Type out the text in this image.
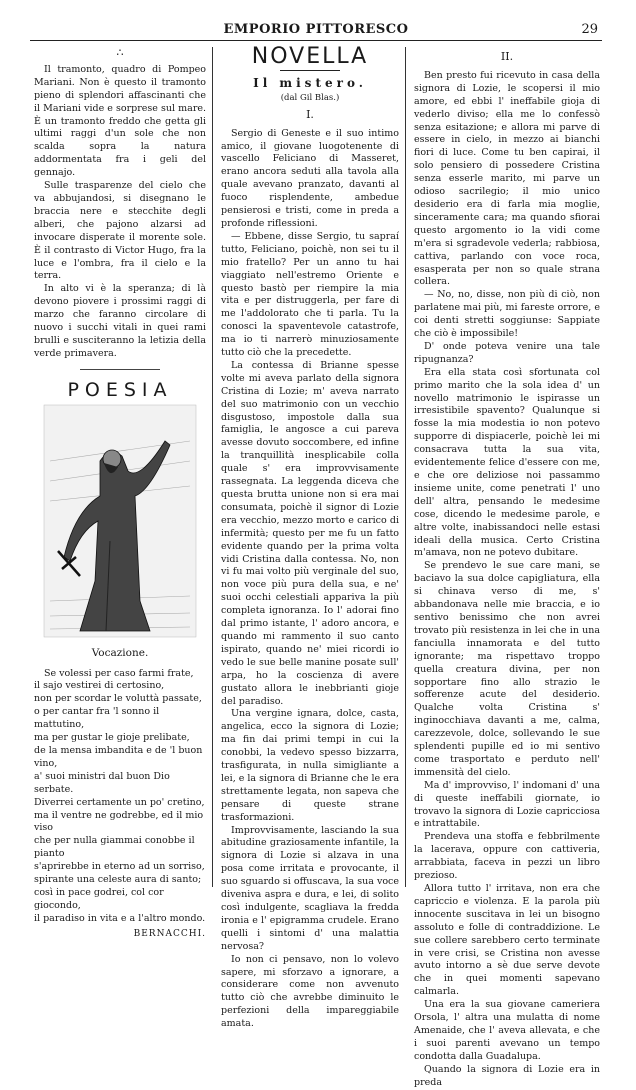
EMPORIO PITTORESCO	29
∴

Il tramonto, quadro di Pompeo Mariani. Non è questo il tramonto pieno di splendori affascinanti che il Mariani vide e sorprese sul mare. È un tramonto freddo che getta gli ultimi raggi d'un sole che non scalda sopra la natura addormentata fra i geli del gennajo.

Sulle trasparenze del cielo che va abbujandosi, si disegnano le braccia nere e stecchite degli alberi, che pajono alzarsi ad invocare disperate il morente sole. È il contrasto di Victor Hugo, fra la luce e l'ombra, fra il cielo e la terra.

In alto vi è la speranza; di là devono piovere i prossimi raggi di marzo che faranno circolare di nuovo i succhi vitali in quei rami brulli e susciteranno la letizia della verde primavera.

POESIA
Vocazione.

Se volessi per caso farmi frate,

il sajo vestirei di certosino,

non per scordar le voluttà passate,

o per cantar fra 'l sonno il mattutino,

ma per gustar le gioje prelibate,

de la mensa imbandita e de 'l buon vino,

a' suoi ministri dal buon Dio serbate.

Diverrei certamente un po' cretino,

ma il ventre ne godrebbe, ed il mio viso

che per nulla giammai conobbe il pianto

s'aprirebbe in eterno ad un sorriso,

spirante una celeste aura di santo;

così in pace godrei, col cor giocondo,

il paradiso in vita e a l'altro mondo.

BERNACCHI.
NOVELLA
Il mistero.
(dal Gil Blas.)
I.

Sergio di Geneste e il suo intimo amico, il giovane luogotenente di vascello Feliciano di Masseret, erano ancora seduti alla tavola alla quale avevano pranzato, davanti al fuoco risplendente, ambedue pensierosi e tristi, come in preda a profonde riflessioni.

— Ebbene, disse Sergio, tu sapraí tutto, Feliciano, poichè, non sei tu il mio fratello? Per un anno tu hai viaggiato nell'estremo Oriente e questo bastò per riempire la mia vita e per distruggerla, per fare di me l'addolorato che ti parla. Tu la conosci la spaventevole catastrofe, ma io ti narrerò minuziosamente tutto ciò che la precedette.

La contessa di Brianne spesse volte mi aveva parlato della signora Cristina di Lozie; m' aveva narrato del suo matrimonio con un vecchio disgustoso, impostole dalla sua famiglia, le angosce a cui pareva avesse dovuto soccombere, ed infine la tranquillità inesplicabile colla quale s' era improvvisamente rassegnata. La leggenda diceva che questa brutta unione non si era mai consumata, poichè il signor di Lozie era vecchio, mezzo morto e carico di infermità; questo per me fu un fatto evidente quando per la prima volta vidi Cristina dalla contessa. No, non vi fu mai volto più verginale del suo, non voce più pura della sua, e ne' suoi occhi celestiali appariva la più completa ignoranza. Io l' adorai fino dal primo istante, l' adoro ancora, e quando mi rammento il suo canto ispirato, quando ne' miei ricordi io vedo le sue belle manine posate sull' arpa, ho la coscienza di avere gustato allora le inebbrianti gioje del paradiso.

Una vergine ignara, dolce, casta, angelica, ecco la signora di Lozie; ma fin dai primi tempi in cui la conobbi, la vedevo spesso bizzarra, trasfigurata, in nulla simigliante a lei, e la signora di Brianne che le era strettamente legata, non sapeva che pensare di queste strane trasformazioni.

Improvvisamente, lasciando la sua abitudine graziosamente infantile, la signora di Lozie si alzava in una posa come irritata e provocante, il suo sguardo si offuscava, la sua voce diveniva aspra e dura, e lei, di solito così indulgente, scagliava la fredda ironia e l' epigramma crudele. Erano quelli i sintomi d' una malattia nervosa?

Io non ci pensavo, non lo volevo sapere, mi sforzavo a ignorare, a considerare come non avvenuto tutto ciò che avrebbe diminuito le perfezioni della impareggiabile amata.

II.

Ben presto fui ricevuto in casa della signora di Lozie, le scopersi il mio amore, ed ebbi l' ineffabile gioja di vederlo diviso; ella me lo confessò senza esitazione; e allora mi parve di essere in cielo, in mezzo ai bianchi fiori di luce. Come tu ben capirai, il solo pensiero di possedere Cristina senza esserle marito, mi parve un odioso sacrilegio; il mio unico desiderio era di farla mia moglie, sinceramente cara; ma quando sfiorai questo argomento io la vidi come m'era si sgradevole vederla; rabbiosa, cattiva, parlando con voce roca, esasperata per non so quale strana collera.

— No, no, disse, non più di ciò, non parlatene mai più, mi fareste orrore, e coi denti stretti soggiunse: Sappiate che ciò è impossibile!

D' onde poteva venire una tale ripugnanza?

Era ella stata così sfortunata col primo marito che la sola idea d' un novello matrimonio le ispirasse un irresistibile spavento? Qualunque si fosse la mia modestia io non potevo supporre di dispiacerle, poichè lei mi consacrava tutta la sua vita, evidentemente felice d'essere con me, e che ore deliziose noi passammo insieme unite, come penetrati l' uno dell' altra, pensando le medesime cose, dicendo le medesime parole, e altre volte, inabissandoci nelle estasi ideali della musica. Certo Cristina m'amava, non ne potevo dubitare.

Se prendevo le sue care mani, se baciavo la sua dolce capigliatura, ella si chinava verso di me, s' abbandonava nelle mie braccia, e io sentivo benissimo che non avrei trovato più resistenza in lei che in una fanciulla innamorata e del tutto ignorante; ma rispettavo troppo quella creatura divina, per non sopportare fino allo strazio le sofferenze acute del desiderio. Qualche volta Cristina s' inginocchiava davanti a me, calma, carezzevole, dolce, sollevando le sue splendenti pupille ed io mi sentivo come trasportato e perduto nell' immensità del cielo.

Ma d' improvviso, l' indomani d' una di queste ineffabili giornate, io trovavo la signora di Lozie capricciosa e intrattabile.

Prendeva una stoffa e febbrilmente la lacerava, oppure con cattiveria, arrabbiata, faceva in pezzi un libro prezioso.

Allora tutto l' irritava, non era che capriccio e violenza. E la parola più innocente suscitava in lei un bisogno assoluto e folle di contraddizione. Le sue collere sarebbero certo terminate in vere crisi, se Cristina non avesse avuto intorno a sè due serve devote che in quei momenti sapevano calmarla.

Una era la sua giovane cameriera Orsola, l' altra una mulatta di nome Amenaide, che l' aveva allevata, e che i suoi parenti avevano un tempo condotta dalla Guadalupa.

Quando la signora di Lozie era in preda
